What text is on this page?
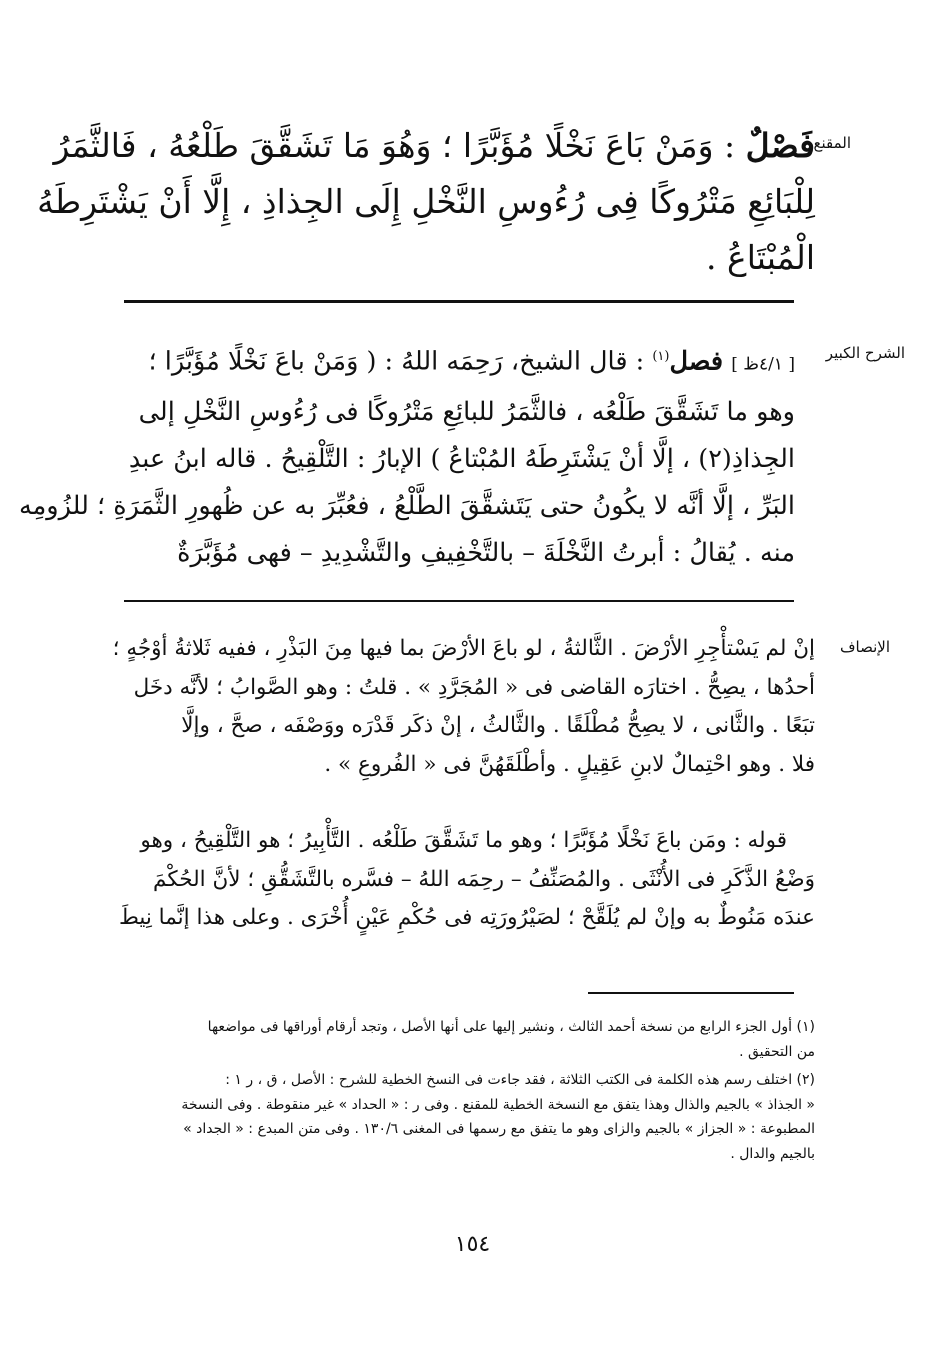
المقنع
الشرح الكبير
الإنصاف
فَصْلٌ : وَمَنْ بَاعَ نَخْلًا مُؤَبَّرًا ؛ وَهُوَ مَا تَشَقَّقَ طَلْعُهُ ، فَالثَّمَرُ
لِلْبَائِعِ مَتْرُوكًا فِى رُءُوسِ النَّخْلِ إِلَى الجِذاذِ ، إِلَّا أَنْ يَشْتَرِطَهُ
الْمُبْتَاعُ .
[ ٤/١ظ ] فصل$^{(١)}$ : قال الشيخ، رَحِمَه اللهُ : ( وَمَنْ باعَ نَخْلًا مُؤَبَّرًا ؛
وهو ما تَشَقَّقَ طَلْعُه ، فالثَّمَرُ للبائِعِ مَتْرُوكًا فى رُءُوسِ النَّخْلِ إلى
الجِذاذِ(٢) ، إلَّا أنْ يَشْتَرِطَهُ المُبْتاعُ ) الإبارُ : التَّلْقِيحُ . قاله ابنُ عبدِ
البَرِّ ، إلَّا أنَّه لا يكُونُ حتى يَتَشقَّقَ الطَّلْعُ ، فعُبِّرَ به عن ظُهورِ الثَّمَرَةِ ؛ للزُومِه
منه . يُقالُ : أبرتُ النَّخْلَةَ – بالتَّخْفِيفِ والتَّشْدِيدِ – فهى مُؤَبَّرَةٌ
إنْ لم يَسْتأْجِرِ الأرْضَ . الثَّالثةُ ، لو باعَ الأرْضَ بما فيها مِنَ البَذْرِ ، ففيه ثَلاثةُ أوْجُهٍ ؛
أحدُها ، يصِحُّ . اختارَه القاضى فى « المُجَرَّدِ » . قلتُ : وهو الصَّوابُ ؛ لأنَّه دخَل
تبَعًا . والثَّانى ، لا يصِحُّ مُطْلَقًا . والثَّالثُ ، إنْ ذكَر قَدْرَه ووَصْفَه ، صحَّ ، وإلَّا
فلا . وهو احْتِمالٌ لابنِ عَقِيلٍ . وأطْلَقَهُنَّ فى « الفُروعِ » .
قوله : ومَن باعَ نَخْلًا مُؤَبَّرًا ؛ وهو ما تَشَقَّقَ طَلْعُه . التَّأْبِيرُ ؛ هو التَّلْقِيحُ ، وهو
وَضْعُ الذَّكَرِ فى الأُنْثَى . والمُصَنِّفُ – رحِمَه اللهُ – فسَّره بالتَّشَقُّقِ ؛ لأنَّ الحُكْمَ
عندَه مَنُوطٌ به وإنْ لم يُلَقَّحْ ؛ لصَيْرُورَتِه فى حُكْمِ عَيْنٍ أُخْرَى . وعلى هذا إنَّما نِيطَ
(١) أول الجزء الرابع من نسخة أحمد الثالث ، ونشير إليها على أنها الأصل ، وتجد أرقام أوراقها فى مواضعها
من التحقيق .
(٢) اختلف رسم هذه الكلمة فى الكتب الثلاثة ، فقد جاءت فى النسخ الخطية للشرح : الأصل ، ق ، ر ١ :
« الجذاذ » بالجيم والذال وهذا يتفق مع النسخة الخطية للمقنع . وفى ر : « الحداد » غير منقوطة . وفى النسخة
المطبوعة : « الجزاز » بالجيم والزاى وهو ما يتفق مع رسمها فى المغنى ١٣٠/٦ . وفى متن المبدع : « الجداد »
بالجيم والدال .
١٥٤
